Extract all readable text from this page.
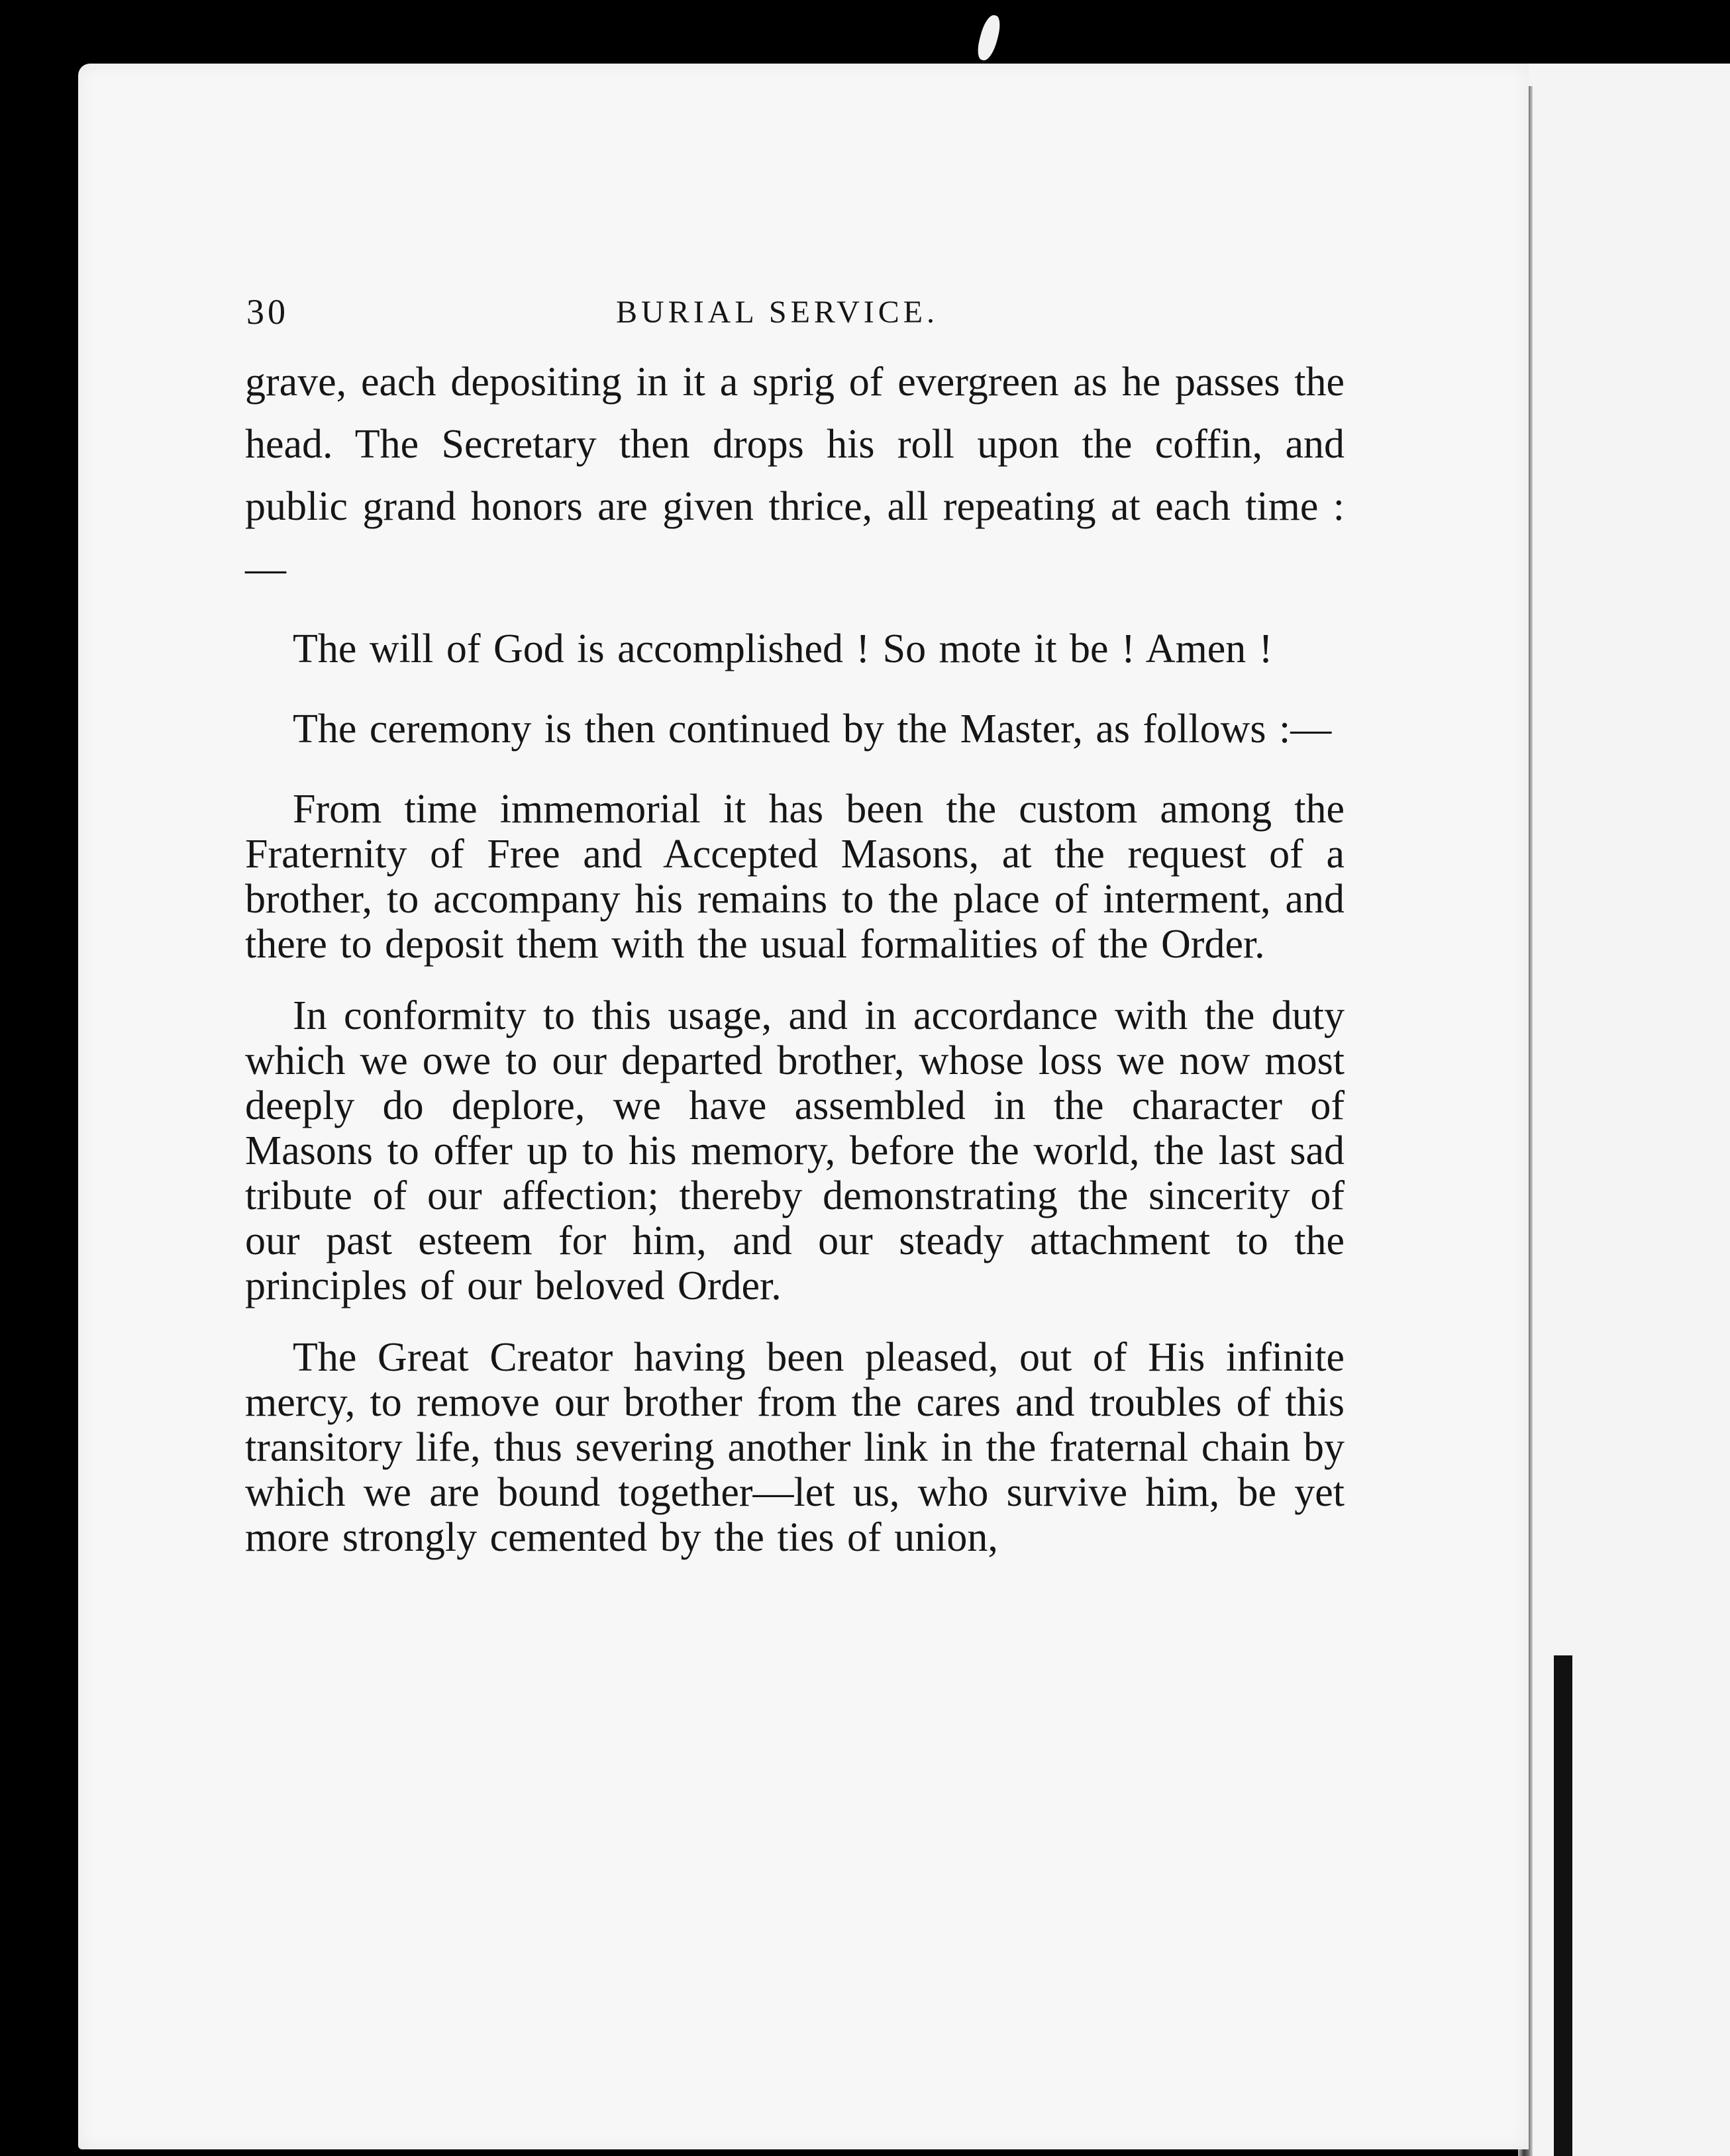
30	BURIAL SERVICE.

grave, each depositing in it a sprig of evergreen as he passes the head. The Secretary then drops his roll upon the coffin, and public grand honors are given thrice, all repeating at each time :—

The will of God is accomplished ! So mote it be ! Amen !

The ceremony is then continued by the Master, as follows :—

From time immemorial it has been the custom among the Fraternity of Free and Accepted Masons, at the request of a brother, to accompany his remains to the place of interment, and there to deposit them with the usual formalities of the Order.

In conformity to this usage, and in accordance with the duty which we owe to our departed brother, whose loss we now most deeply do deplore, we have assembled in the character of Masons to offer up to his memory, before the world, the last sad tribute of our affection; thereby demonstrating the sincerity of our past esteem for him, and our steady attachment to the principles of our beloved Order.

The Great Creator having been pleased, out of His infinite mercy, to remove our brother from the cares and troubles of this transitory life, thus severing another link in the fraternal chain by which we are bound together—let us, who survive him, be yet more strongly cemented by the ties of union,
